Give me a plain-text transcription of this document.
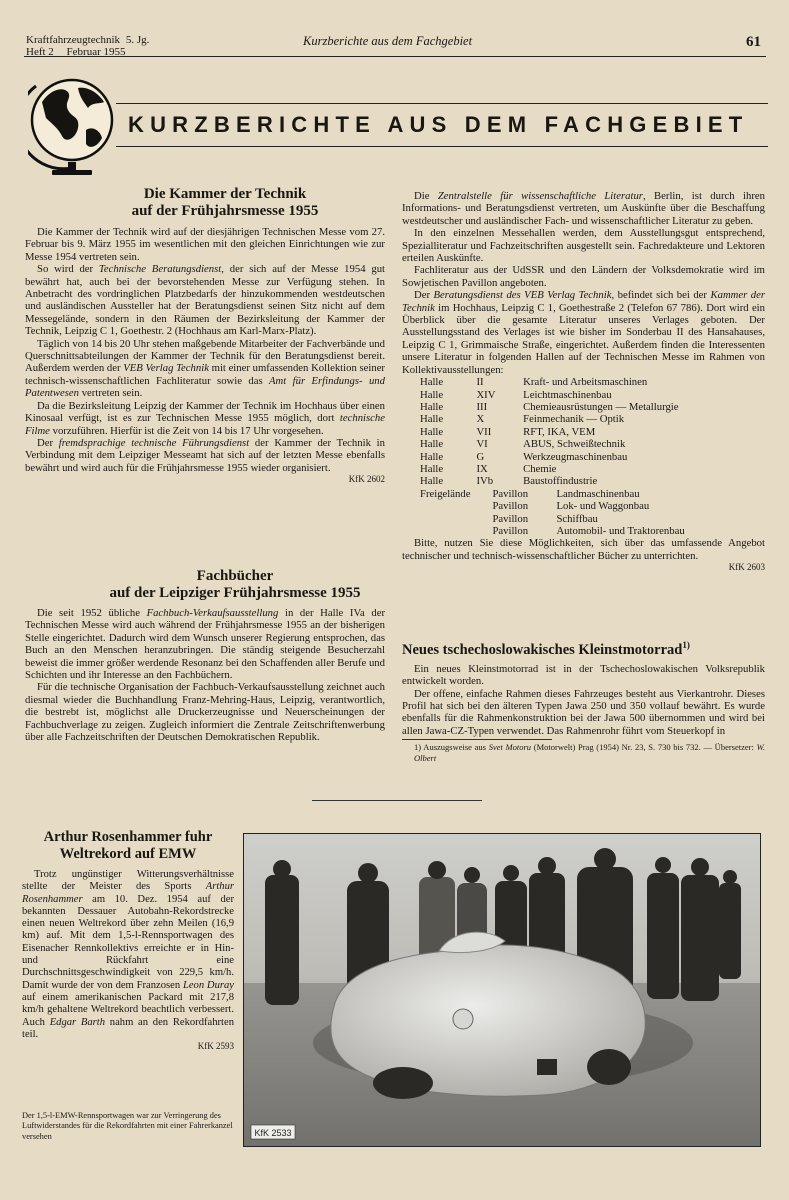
Kraftfahrzeugtechnik 5. Jg.
Heft 2 Februar 1955
Kurzberichte aus dem Fachgebiet	61
KURZBERICHTE AUS DEM FACHGEBIET
Die Kammer der Technik
auf der Frühjahrsmesse 1955

Die Kammer der Technik wird auf der diesjährigen Technischen Messe vom 27. Februar bis 9. März 1955 im wesentlichen mit den gleichen Einrichtungen wie zur Messe 1954 vertreten sein.

So wird der Technische Beratungsdienst, der sich auf der Messe 1954 gut bewährt hat, auch bei der bevorstehenden Messe zur Verfügung stehen. In Anbetracht des vordringlichen Platzbedarfs der hinzukommenden westdeutschen und ausländischen Aussteller hat der Beratungsdienst seinen Sitz nicht auf dem Messegelände, sondern in den Räumen der Bezirksleitung der Kammer der Technik, Leipzig C 1, Goethestr. 2 (Hochhaus am Karl-Marx-Platz).

Täglich von 14 bis 20 Uhr stehen maßgebende Mitarbeiter der Fachverbände und Querschnittsabteilungen der Kammer der Technik für den Beratungsdienst bereit. Außerdem werden der VEB Verlag Technik mit einer umfassenden Kollektion seiner technisch-wissenschaftlichen Fachliteratur sowie das Amt für Erfindungs- und Patentwesen vertreten sein.

Da die Bezirksleitung Leipzig der Kammer der Technik im Hochhaus über einen Kinosaal verfügt, ist es zur Technischen Messe 1955 möglich, dort technische Filme vorzuführen. Hierfür ist die Zeit von 14 bis 17 Uhr vorgesehen.

Der fremdsprachige technische Führungsdienst der Kammer der Technik in Verbindung mit dem Leipziger Messeamt hat sich auf der letzten Messe ebenfalls bewährt und wird auch für die Frühjahrsmesse 1955 wieder organisiert.

KfK 2602
Fachbücher
auf der Leipziger Frühjahrsmesse 1955

Die seit 1952 übliche Fachbuch-Verkaufsausstellung in der Halle IVa der Technischen Messe wird auch während der Frühjahrsmesse 1955 an der bisherigen Stelle eingerichtet. Dadurch wird dem Wunsch unserer Regierung entsprochen, das Buch an den Menschen heranzubringen. Die ständig steigende Besucherzahl beweist die immer größer werdende Resonanz bei den Schaffenden aller Berufe und Schichten und ihr Interesse an den Fachbüchern.

Für die technische Organisation der Fachbuch-Verkaufsausstellung zeichnet auch diesmal wieder die Buchhandlung Franz-Mehring-Haus, Leipzig, verantwortlich, die bestrebt ist, möglichst alle Druckerzeugnisse und Neuerscheinungen der Fachbuchverlage zu zeigen. Zugleich informiert die Zentrale Zeitschriftenwerbung über alle Fachzeitschriften der Deutschen Demokratischen Republik.

Die Zentralstelle für wissenschaftliche Literatur, Berlin, ist durch ihren Informations- und Beratungsdienst vertreten, um Auskünfte über die Beschaffung westdeutscher und ausländischer Fach- und wissenschaftlicher Literatur zu geben.

In den einzelnen Messehallen werden, dem Ausstellungsgut entsprechend, Spezialliteratur und Fachzeitschriften ausgestellt sein. Fachredakteure und Lektoren erteilen Auskünfte.

Fachliteratur aus der UdSSR und den Ländern der Volksdemokratie wird im Sowjetischen Pavillon angeboten.

Der Beratungsdienst des VEB Verlag Technik, befindet sich bei der Kammer der Technik im Hochhaus, Leipzig C 1, Goethestraße 2 (Telefon 67 786). Dort wird ein Überblick über die gesamte Literatur unseres Verlages geboten. Der Ausstellungsstand des Verlages ist wie bisher im Sonderbau II des Hansahauses, Leipzig C 1, Grimmaische Straße, eingerichtet. Außerdem finden die Interessenten unsere Literatur in folgenden Hallen auf der Technischen Messe im Rahmen von Kollektivausstellungen:

Halle	II	Kraft- und Arbeitsmaschinen
Halle	XIV	Leichtmaschinenbau
Halle	III	Chemieausrüstungen — Metallurgie
Halle	X	Feinmechanik — Optik
Halle	VII	RFT, IKA, VEM
Halle	VI	ABUS, Schweißtechnik
Halle	G	Werkzeugmaschinenbau
Halle	IX	Chemie
Halle	IVb	Baustoffindustrie
Freigelände	Pavillon Landmaschinenbau	
	Pavillon Lok- und Waggonbau	
	Pavillon Schiffbau	
	Pavillon Automobil- und Traktorenbau	

Bitte, nutzen Sie diese Möglichkeiten, sich über das umfassende Angebot technischer und technisch-wissenschaftlicher Bücher zu unterrichten.

KfK 2603
Neues tschechoslowakisches Kleinstmotorrad$^{1)}$

Ein neues Kleinstmotorrad ist in der Tschechoslowakischen Volksrepublik entwickelt worden.

Der offene, einfache Rahmen dieses Fahrzeuges besteht aus Vierkantrohr. Dieses Profil hat sich bei den älteren Typen Jawa 250 und 350 vollauf bewährt. Es wurde ebenfalls für die Rahmenkonstruktion bei der Jawa 500 übernommen und wird bei allen Jawa-CZ-Typen verwendet. Das Rahmenrohr führt vom Steuerkopf in

1) Auszugsweise aus Svet Motoru (Motorwelt) Prag (1954) Nr. 23, S. 730 bis 732. — Übersetzer: W. Olbert
Arthur Rosenhammer fuhr
Weltrekord auf EMW

Trotz ungünstiger Witterungsverhältnisse stellte der Meister des Sports Arthur Rosenhammer am 10. Dez. 1954 auf der bekannten Dessauer Autobahn-Rekordstrecke einen neuen Weltrekord über zehn Meilen (16,9 km) auf. Mit dem 1,5-l-Rennsportwagen des Eisenacher Rennkollektivs erreichte er in Hin- und Rückfahrt eine Durchschnittsgeschwindigkeit von 229,5 km/h. Damit wurde der von dem Franzosen Leon Duray auf einem amerikanischen Packard mit 217,8 km/h gehaltene Weltrekord beachtlich verbessert. Auch Edgar Barth nahm an den Rekordfahrten teil.

KfK 2593
Der 1,5-l-EMW-Rennsportwagen war zur Verringerung des Luftwiderstandes für die Rekordfahrten mit einer Fahrerkanzel versehen	KfK 2533
